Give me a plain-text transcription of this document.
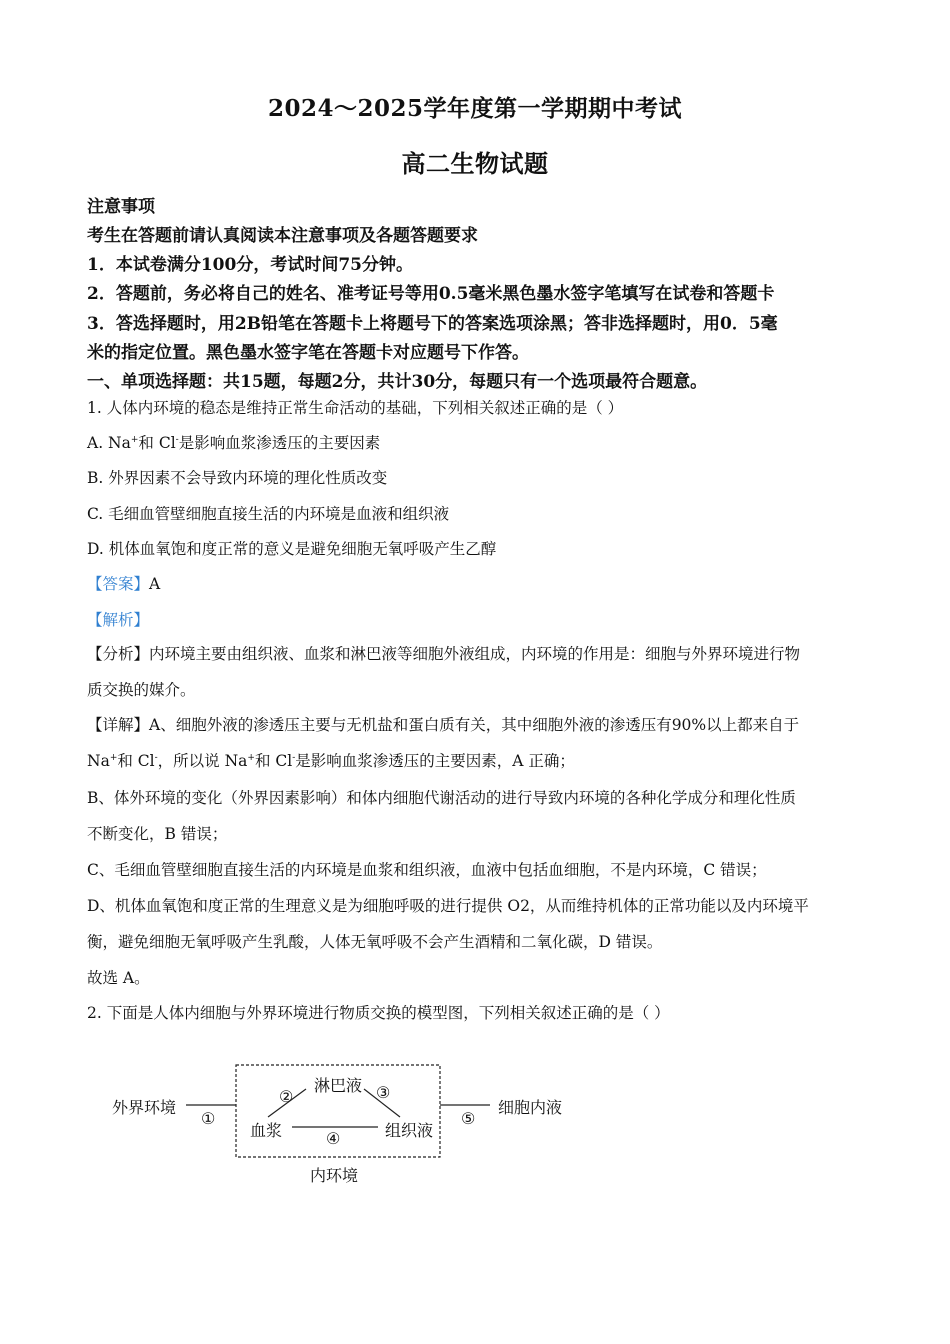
2024～2025学年度第一学期期中考试
高二生物试题
注意事项
考生在答题前请认真阅读本注意事项及各题答题要求
1．本试卷满分100分，考试时间75分钟。
2．答题前，务必将自己的姓名、准考证号等用0.5毫米黑色墨水签字笔填写在试卷和答题卡
3．答选择题时，用2B铅笔在答题卡上将题号下的答案选项涂黑；答非选择题时，用0．5毫
米的指定位置。黑色墨水签字笔在答题卡对应题号下作答。
一、单项选择题：共15题，每题2分，共计30分，每题只有一个选项最符合题意。
1. 人体内环境的稳态是维持正常生命活动的基础，下列相关叙述正确的是（ ）
A. Na+和 Cl-是影响血浆渗透压的主要因素
B. 外界因素不会导致内环境的理化性质改变
C. 毛细血管壁细胞直接生活的内环境是血液和组织液
D. 机体血氧饱和度正常的意义是避免细胞无氧呼吸产生乙醇
【答案】A
【解析】
【分析】内环境主要由组织液、血浆和淋巴液等细胞外液组成，内环境的作用是：细胞与外界环境进行物
质交换的媒介。
【详解】A、细胞外液的渗透压主要与无机盐和蛋白质有关，其中细胞外液的渗透压有90%以上都来自于
Na+和 Cl-，所以说 Na+和 Cl-是影响血浆渗透压的主要因素，A 正确；
B、体外环境的变化（外界因素影响）和体内细胞代谢活动的进行导致内环境的各种化学成分和理化性质
不断变化，B 错误；
C、毛细血管壁细胞直接生活的内环境是血浆和组织液，血液中包括血细胞，不是内环境，C 错误；
D、机体血氧饱和度正常的生理意义是为细胞呼吸的进行提供 O2，从而维持机体的正常功能以及内环境平
衡，避免细胞无氧呼吸产生乳酸，人体无氧呼吸不会产生酒精和二氧化碳，D 错误。
故选 A。
2. 下面是人体内细胞与外界环境进行物质交换的模型图，下列相关叙述正确的是（ ）
外界环境
①
淋巴液
②	③
血浆	④	组织液
⑤
细胞内液
内环境
